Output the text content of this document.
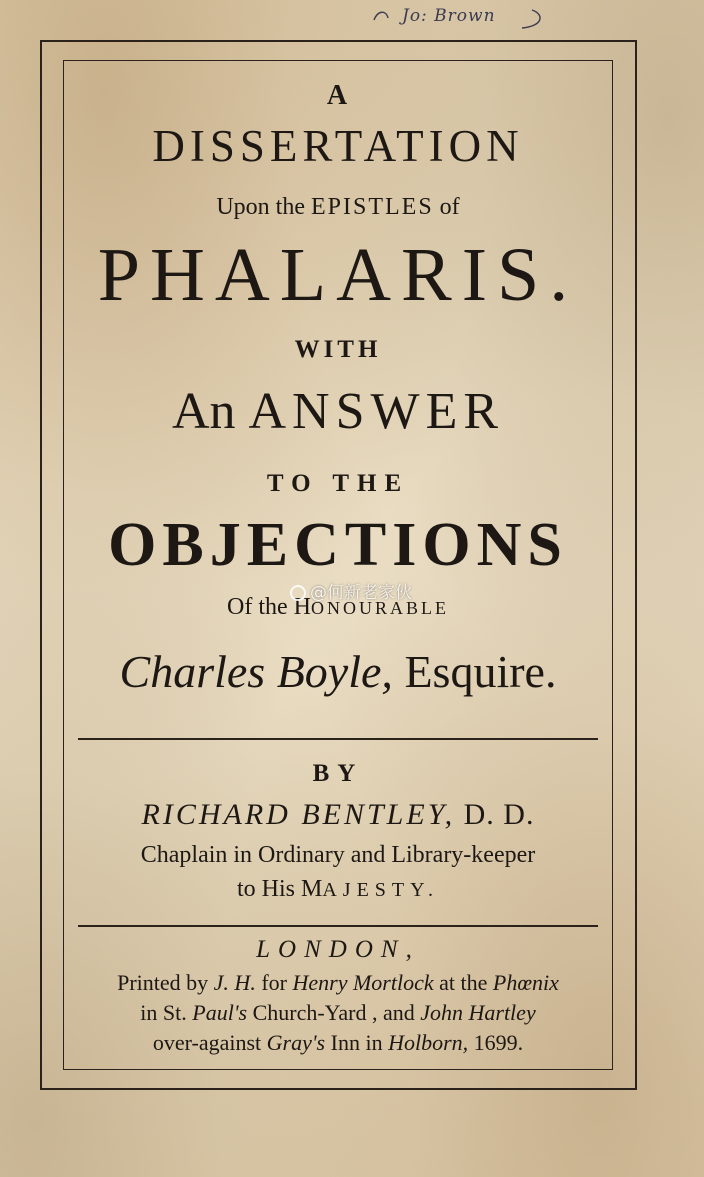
Jo: Brown

A
DISSERTATION
Upon the EPISTLES of
PHALARIS.
WITH
An ANSWER
TO THE
OBJECTIONS
Of the HONOURABLE
Charles Boyle, Esquire.
BY
RICHARD BENTLEY, D. D.
Chaplain in Ordinary and Library-keeper
to His MAJESTY.
LONDON,
Printed by J. H. for Henry Mortlock at the Phœnix
in St. Paul's Church-Yard , and John Hartley
over-against Gray's Inn in Holborn, 1699.
@何新老家伙
